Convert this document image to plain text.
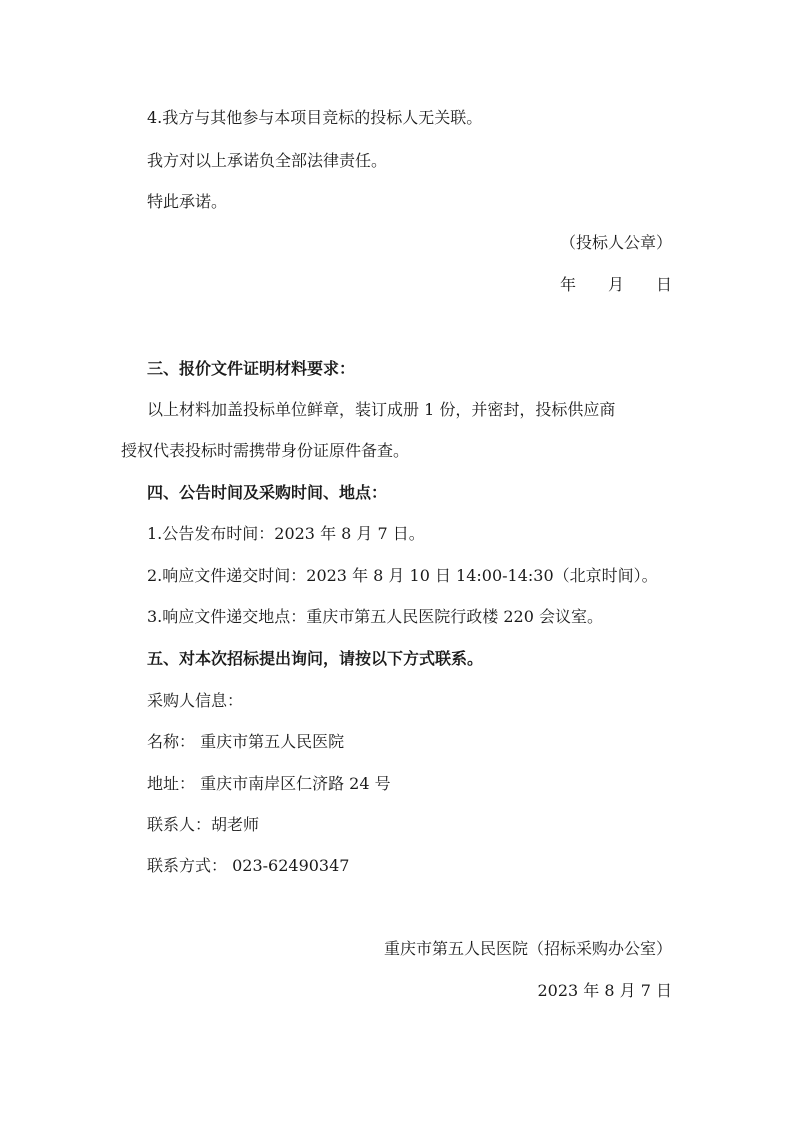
4.我方与其他参与本项目竞标的投标人无关联。
我方对以上承诺负全部法律责任。
特此承诺。
（投标人公章）
年 月 日
三、报价文件证明材料要求：
以上材料加盖投标单位鲜章，装订成册 1 份，并密封，投标供应商
授权代表投标时需携带身份证原件备查。
四、公告时间及采购时间、地点：
1.公告发布时间：2023 年 8 月 7 日。
2.响应文件递交时间：2023 年 8 月 10 日 14:00-14:30（北京时间）。
3.响应文件递交地点：重庆市第五人民医院行政楼 220 会议室。
五、对本次招标提出询问，请按以下方式联系。
采购人信息：
名称： 重庆市第五人民医院
地址： 重庆市南岸区仁济路 24 号
联系人：胡老师
联系方式： 023-62490347
重庆市第五人民医院（招标采购办公室）
2023 年 8 月 7 日
